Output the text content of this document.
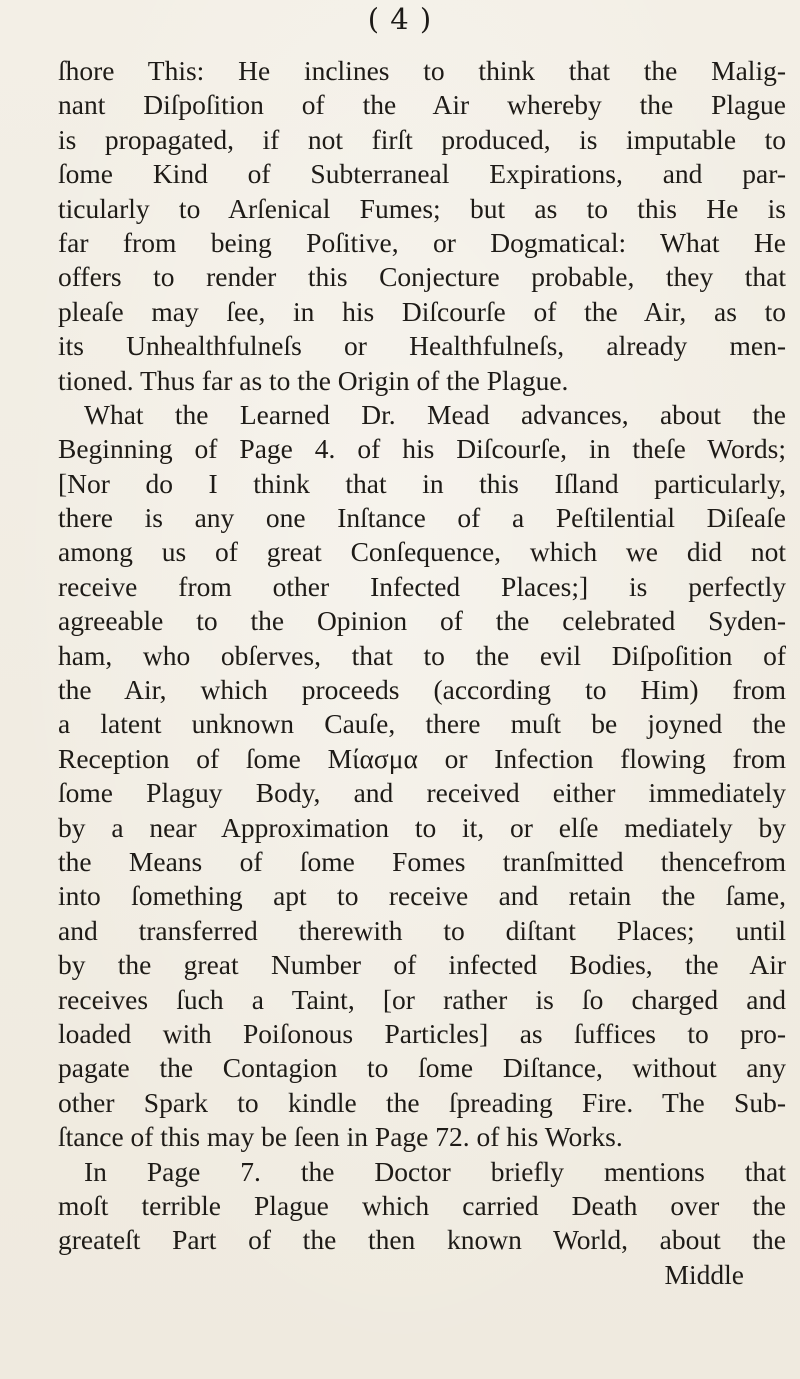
( 4 )
ſhore This: He inclines to think that the Malig-
nant Diſpoſition of the Air whereby the Plague
is propagated, if not firſt produced, is imputable to
ſome Kind of Subterraneal Expirations, and par-
ticularly to Arſenical Fumes; but as to this He is
far from being Poſitive, or Dogmatical: What He
offers to render this Conjecture probable, they that
pleaſe may ſee, in his Diſcourſe of the Air, as to
its Unhealthfulneſs or Healthfulneſs, already men-
tioned. Thus far as to the Origin of the Plague.
What the Learned Dr. Mead advances, about the
Beginning of Page 4. of his Diſcourſe, in theſe Words;
[Nor do I think that in this Iſland particularly,
there is any one Inſtance of a Peſtilential Diſeaſe
among us of great Conſequence, which we did not
receive from other Infected Places;] is perfectly
agreeable to the Opinion of the celebrated Syden-
ham, who obſerves, that to the evil Diſpoſition of
the Air, which proceeds (according to Him) from
a latent unknown Cauſe, there muſt be joyned the
Reception of ſome Μίασμα or Infection flowing from
ſome Plaguy Body, and received either immediately
by a near Approximation to it, or elſe mediately by
the Means of ſome Fomes tranſmitted thencefrom
into ſomething apt to receive and retain the ſame,
and transferred therewith to diſtant Places; until
by the great Number of infected Bodies, the Air
receives ſuch a Taint, [or rather is ſo charged and
loaded with Poiſonous Particles] as ſuffices to pro-
pagate the Contagion to ſome Diſtance, without any
other Spark to kindle the ſpreading Fire. The Sub-
ſtance of this may be ſeen in Page 72. of his Works.
In Page 7. the Doctor briefly mentions that
moſt terrible Plague which carried Death over the
greateſt Part of the then known World, about the
Middle
